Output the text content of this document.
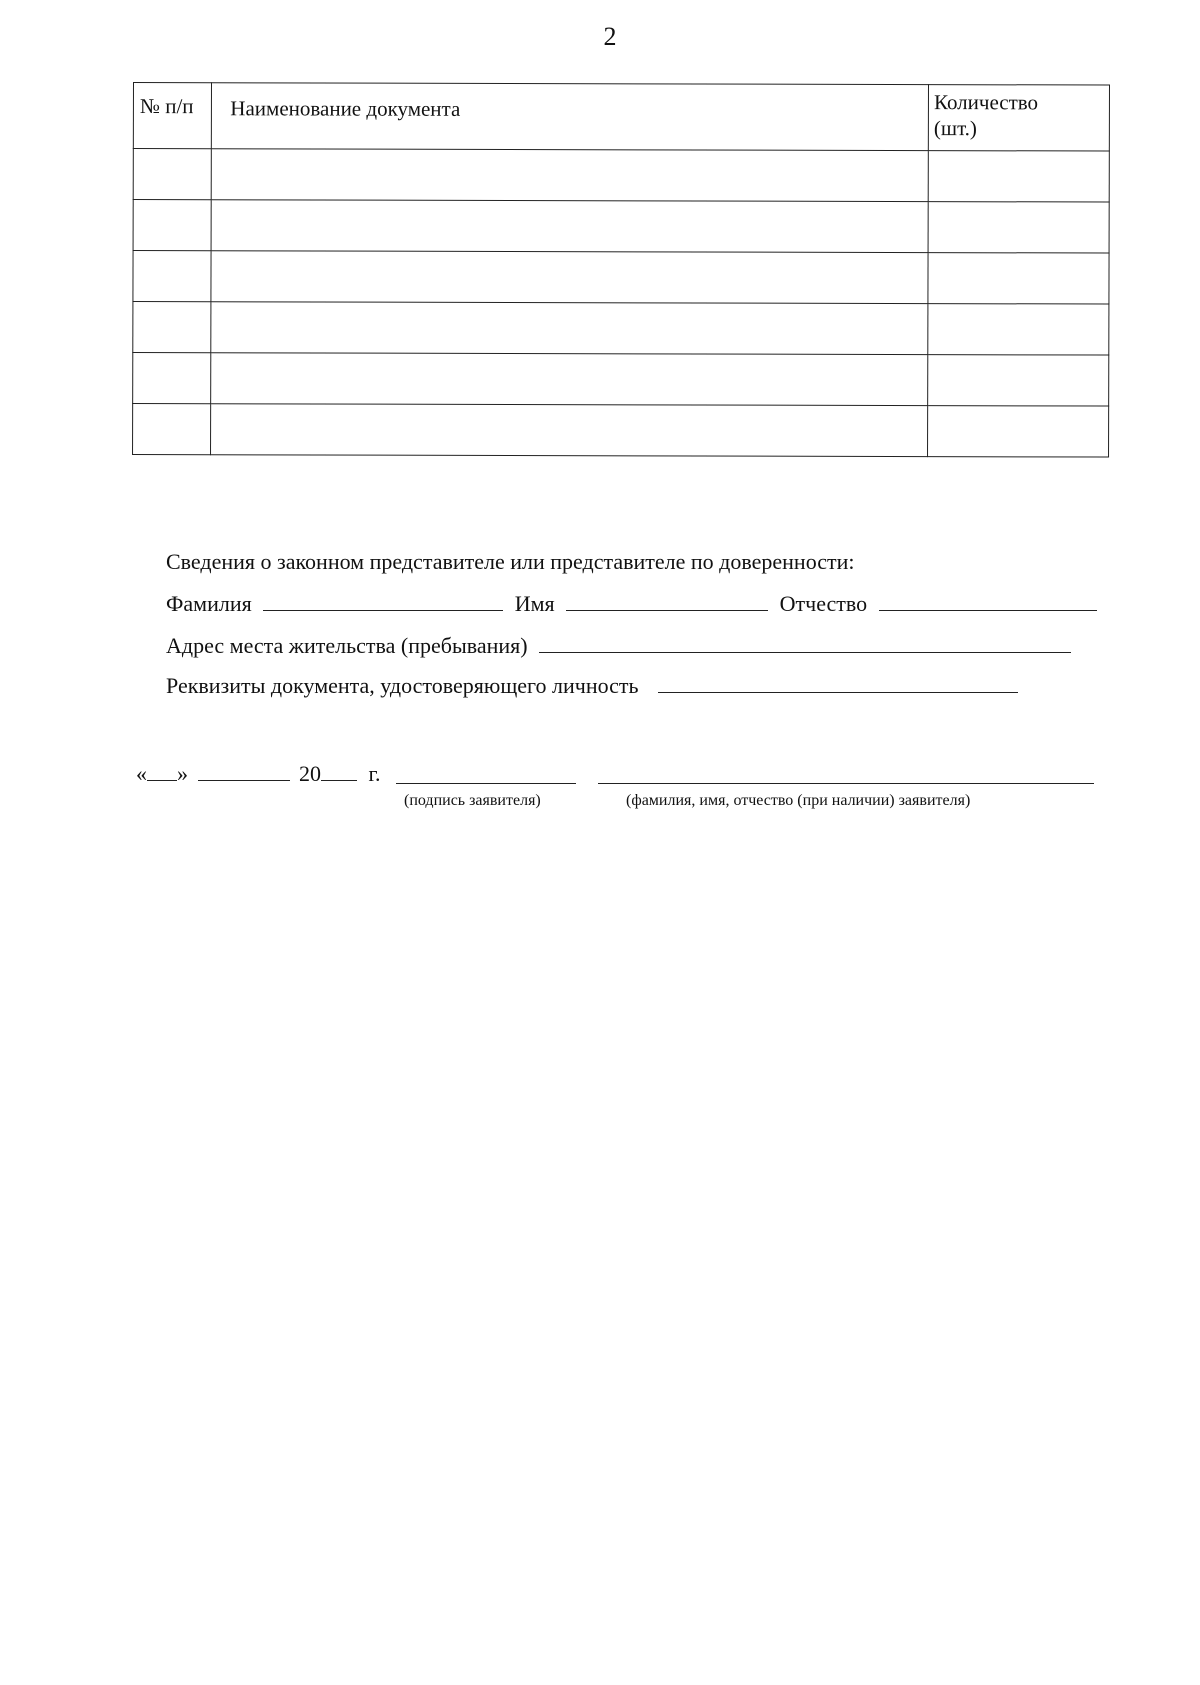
2
№ п/п	Наименование документа	Количество
(шт.)

Сведения о законном представителе или представителе по доверенности:
Фамилия	Имя	Отчество
Адрес места жительства (пребывания)
Реквизиты документа, удостоверяющего личность
« »	20 г.
(подпись заявителя)	(фамилия, имя, отчество (при наличии) заявителя)
